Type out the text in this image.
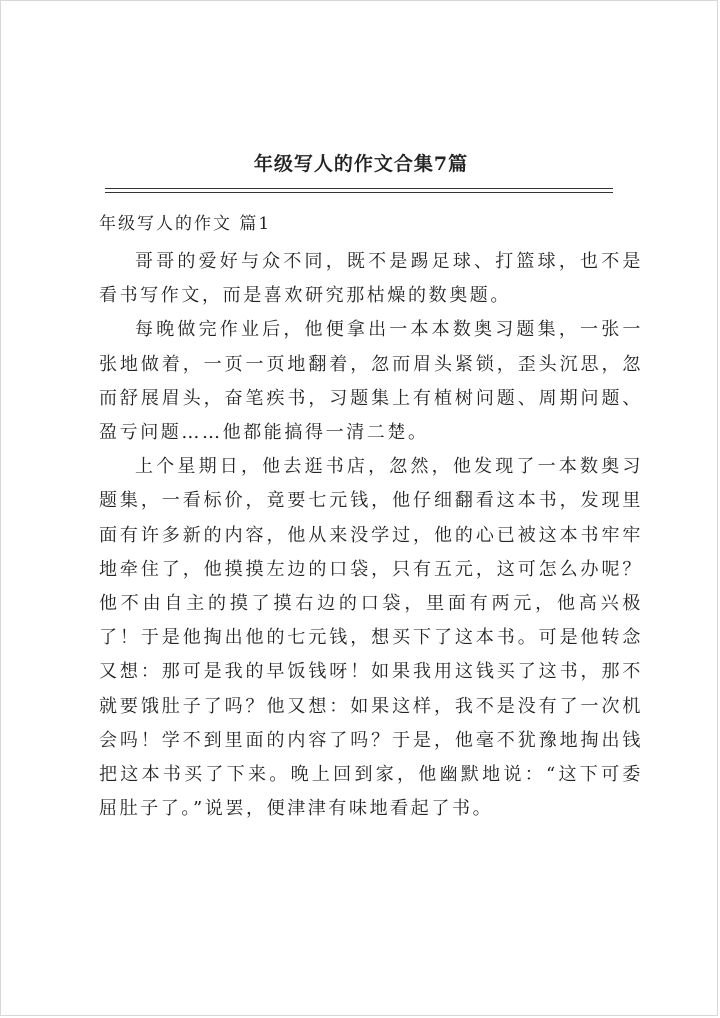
年级写人的作文合集7篇
年级写人的作文 篇1

哥哥的爱好与众不同，既不是踢足球、打篮球，也不是看书写作文，而是喜欢研究那枯燥的数奥题。

每晚做完作业后，他便拿出一本本数奥习题集，一张一张地做着，一页一页地翻着，忽而眉头紧锁，歪头沉思，忽而舒展眉头，奋笔疾书，习题集上有植树问题、周期问题、盈亏问题……他都能搞得一清二楚。

上个星期日，他去逛书店，忽然，他发现了一本数奥习题集，一看标价，竟要七元钱，他仔细翻看这本书，发现里面有许多新的内容，他从来没学过，他的心已被这本书牢牢地牵住了，他摸摸左边的口袋，只有五元，这可怎么办呢？他不由自主的摸了摸右边的口袋，里面有两元，他高兴极了！于是他掏出他的七元钱，想买下了这本书。可是他转念又想：那可是我的早饭钱呀！如果我用这钱买了这书，那不就要饿肚子了吗？他又想：如果这样，我不是没有了一次机会吗！学不到里面的内容了吗？于是，他毫不犹豫地掏出钱把这本书买了下来。晚上回到家，他幽默地说：“这下可委屈肚子了。”说罢，便津津有味地看起了书。
